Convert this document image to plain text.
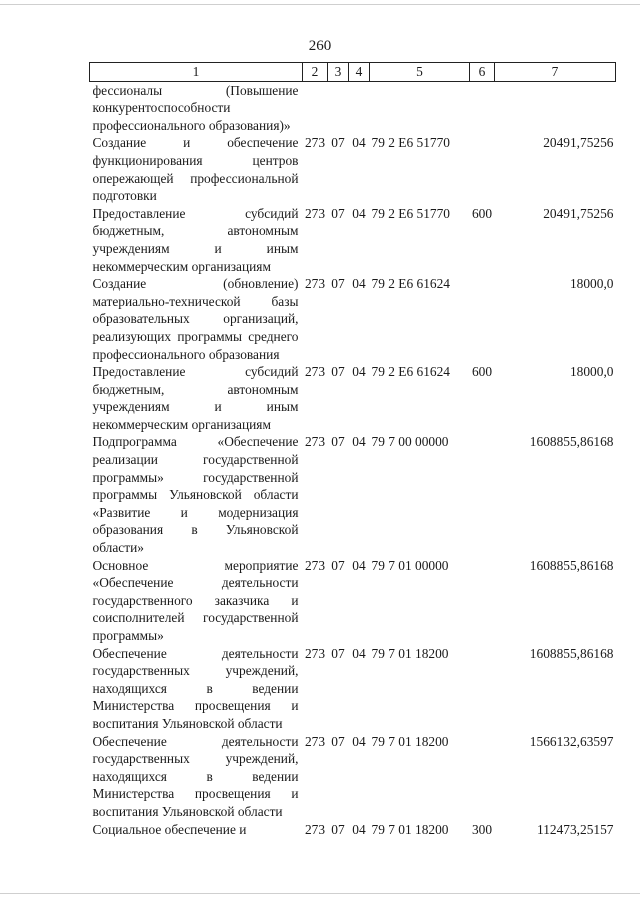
260
1	2	3	4	5	6	7
фессионалы (Повышение конкурентоспособности профессионального образования)»						
Создание и обеспечение функционирования центров опережающей профессиональной подготовки	273	07	04	79 2 Е6 51770		20491,75256
Предоставление субсидий бюджетным, автономным учреждениям и иным некоммерческим организациям	273	07	04	79 2 Е6 51770	600	20491,75256
Создание (обновление) материально-технической базы образовательных организаций, реализующих программы среднего профессионального образования	273	07	04	79 2 Е6 61624		18000,0
Предоставление субсидий бюджетным, автономным учреждениям и иным некоммерческим организациям	273	07	04	79 2 Е6 61624	600	18000,0
Подпрограмма «Обеспечение реализации государственной программы» государственной программы Ульяновской области «Развитие и модернизация образования в Ульяновской области»	273	07	04	79 7 00 00000		1608855,86168
Основное мероприятие «Обеспечение деятельности государственного заказчика и соисполнителей государственной программы»	273	07	04	79 7 01 00000		1608855,86168
Обеспечение деятельности государственных учреждений, находящихся в ведении Министерства просвещения и воспитания Ульяновской области	273	07	04	79 7 01 18200		1608855,86168
Обеспечение деятельности государственных учреждений, находящихся в ведении Министерства просвещения и воспитания Ульяновской области	273	07	04	79 7 01 18200		1566132,63597
Социальное обеспечение и	273	07	04	79 7 01 18200	300	112473,25157
